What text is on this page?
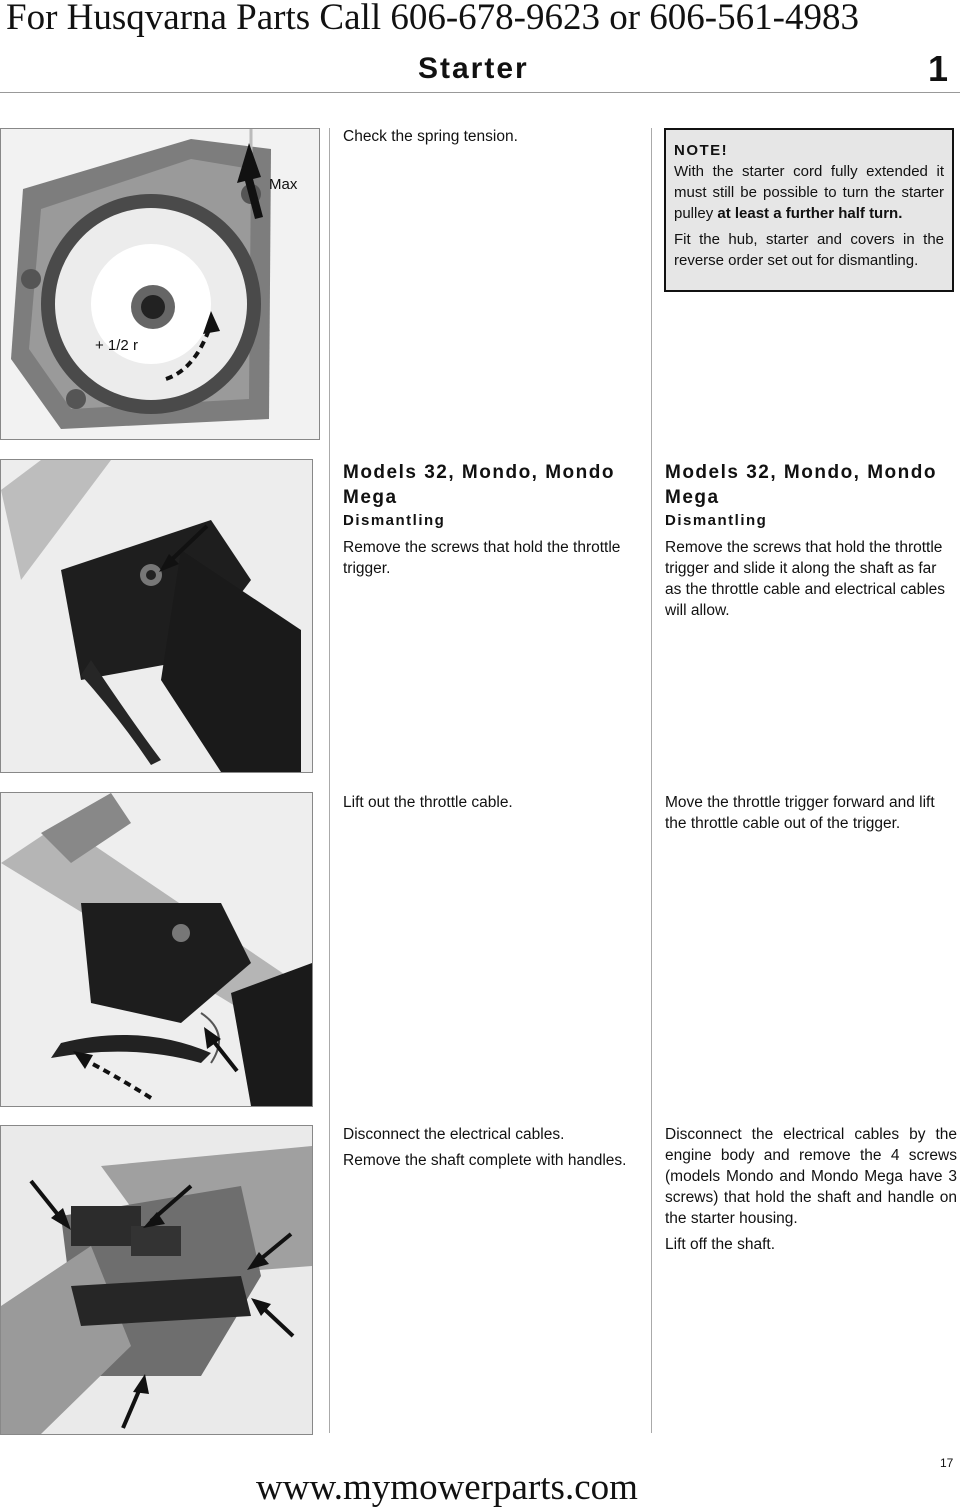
For Husqvarna Parts Call 606-678-9623 or 606-561-4983
Starter	1
Max
+ 1/2 r

Check the spring tension.

NOTE!

With the starter cord fully extended it must still be possible to turn the starter pulley at least a further half turn.

Fit the hub, starter and covers in the reverse order set out for dismantling.

Models 32, Mondo, Mondo Mega
Dismantling

Remove the screws that hold the throttle trigger.

Models 32, Mondo, Mondo Mega
Dismantling

Remove the screws that hold the throttle trigger and slide it along the shaft as far as the throttle cable and electrical cables will allow.

Lift out the throttle cable.	Move the throttle trigger forward and lift the throttle cable out of the trigger.

Disconnect the electrical cables.

Remove the shaft complete with handles.

Disconnect the electrical cables by the engine body and remove the 4 screws (models Mondo and Mondo Mega have 3 screws) that hold the shaft and handle on the starter housing.

Lift off the shaft.

17
www.mymowerparts.com
